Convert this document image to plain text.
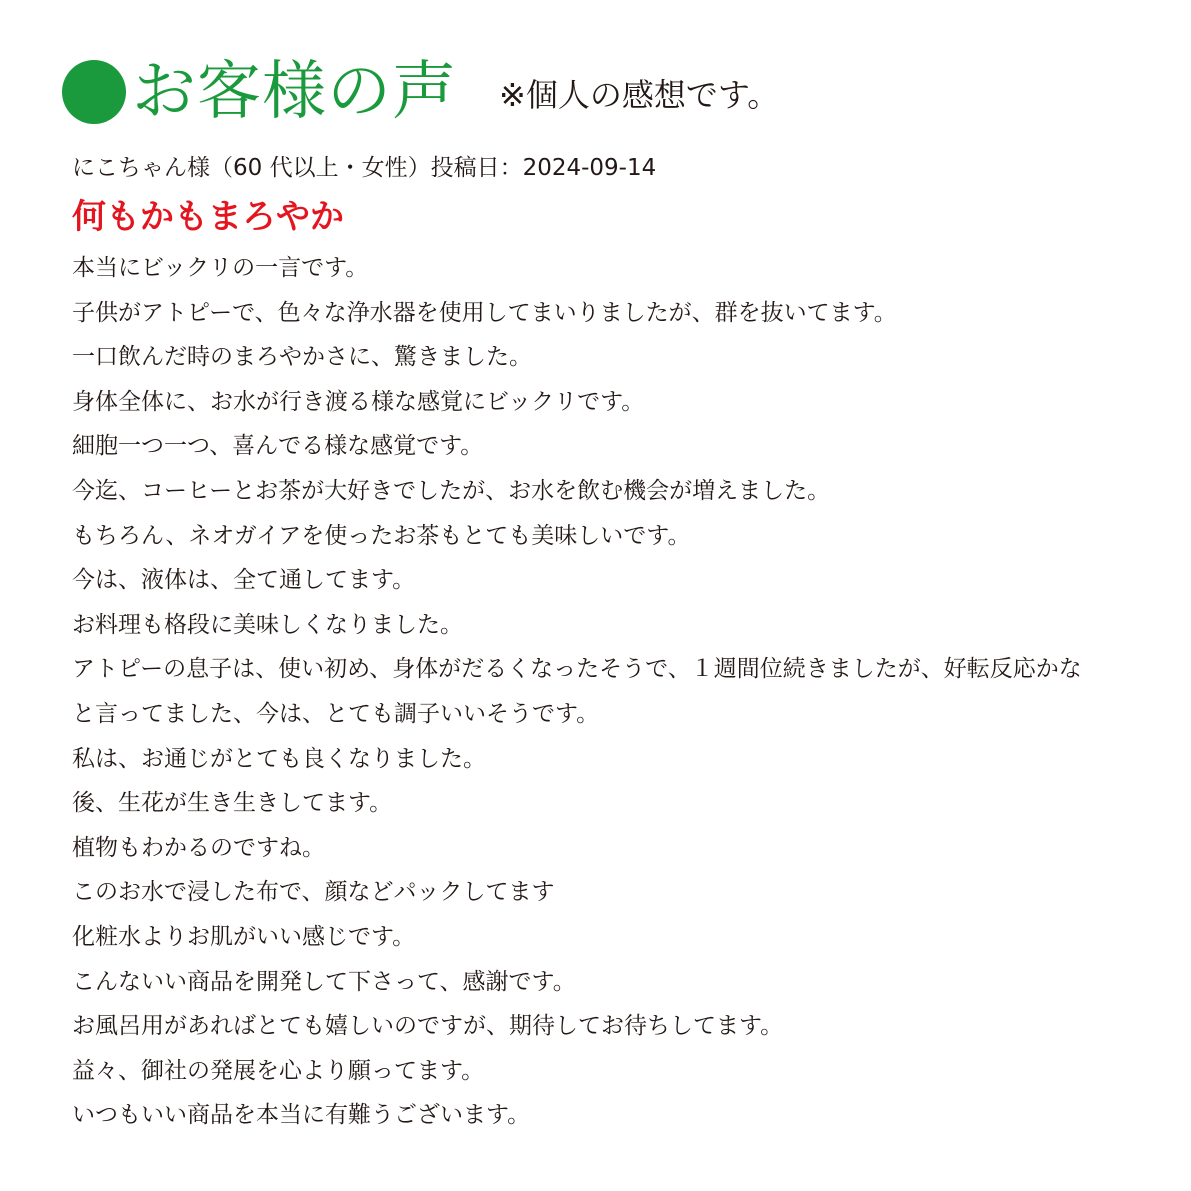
お客様の声 ※個人の感想です。
にこちゃん様（60 代以上・女性）投稿日：2024-09-14
何もかもまろやか
本当にビックリの一言です。
子供がアトピーで、色々な浄水器を使用してまいりましたが、群を抜いてます。
一口飲んだ時のまろやかさに、驚きました。
身体全体に、お水が行き渡る様な感覚にビックリです。
細胞一つ一つ、喜んでる様な感覚です。
今迄、コーヒーとお茶が大好きでしたが、お水を飲む機会が増えました。
もちろん、ネオガイアを使ったお茶もとても美味しいです。
今は、液体は、全て通してます。
お料理も格段に美味しくなりました。
アトピーの息子は、使い初め、身体がだるくなったそうで、１週間位続きましたが、好転反応かな
と言ってました、今は、とても調子いいそうです。
私は、お通じがとても良くなりました。
後、生花が生き生きしてます。
植物もわかるのですね。
このお水で浸した布で、顔などパックしてます
化粧水よりお肌がいい感じです。
こんないい商品を開発して下さって、感謝です。
お風呂用があればとても嬉しいのですが、期待してお待ちしてます。
益々、御社の発展を心より願ってます。
いつもいい商品を本当に有難うございます。
